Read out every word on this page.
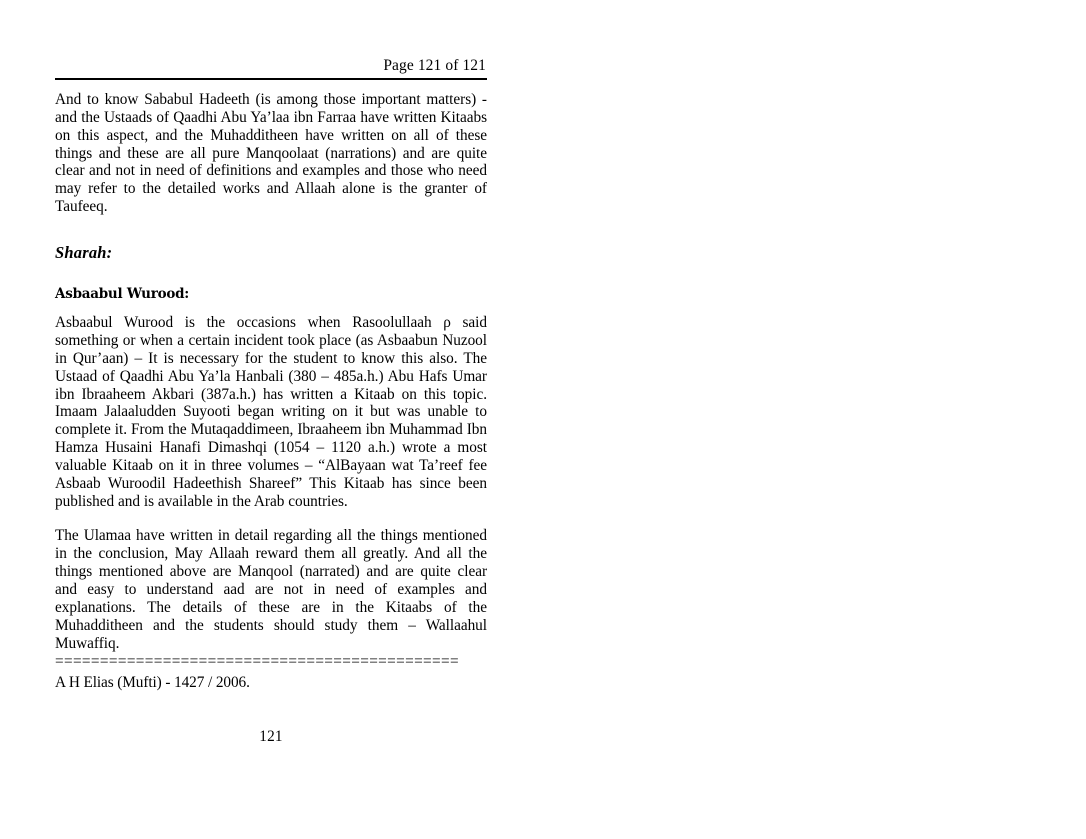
Page 121 of 121

And to know Sababul Hadeeth (is among those important matters) - and the Ustaads of Qaadhi Abu Ya’laa ibn Farraa have written Kitaabs on this aspect, and the Muhadditheen have written on all of these things and these are all pure Manqoolaat (narrations) and are quite clear and not in need of definitions and examples and those who need may refer to the detailed works and Allaah alone is the granter of Taufeeq.

Sharah:
Asbaabul Wurood:

Asbaabul Wurood is the occasions when Rasoolullaah ρ said something or when a certain incident took place (as Asbaabun Nuzool in Qur’aan) – It is necessary for the student to know this also. The Ustaad of Qaadhi Abu Ya’la Hanbali (380 – 485a.h.) Abu Hafs Umar ibn Ibraaheem Akbari (387a.h.) has written a Kitaab on this topic. Imaam Jalaaludden Suyooti began writing on it but was unable to complete it. From the Mutaqaddimeen, Ibraaheem ibn Muhammad Ibn Hamza Husaini Hanafi Dimashqi (1054 – 1120 a.h.) wrote a most valuable Kitaab on it in three volumes – “AlBayaan wat Ta’reef fee Asbaab Wuroodil Hadeethish Shareef” This Kitaab has since been published and is available in the Arab countries.

The Ulamaa have written in detail regarding all the things mentioned in the conclusion, May Allaah reward them all greatly. And all the things mentioned above are Manqool (narrated) and are quite clear and easy to understand aad are not in need of examples and explanations. The details of these are in the Kitaabs of the Muhadditheen and the students should study them – Wallaahul Muwaffiq.

=============================================

A H Elias (Mufti) - 1427 / 2006.

121
